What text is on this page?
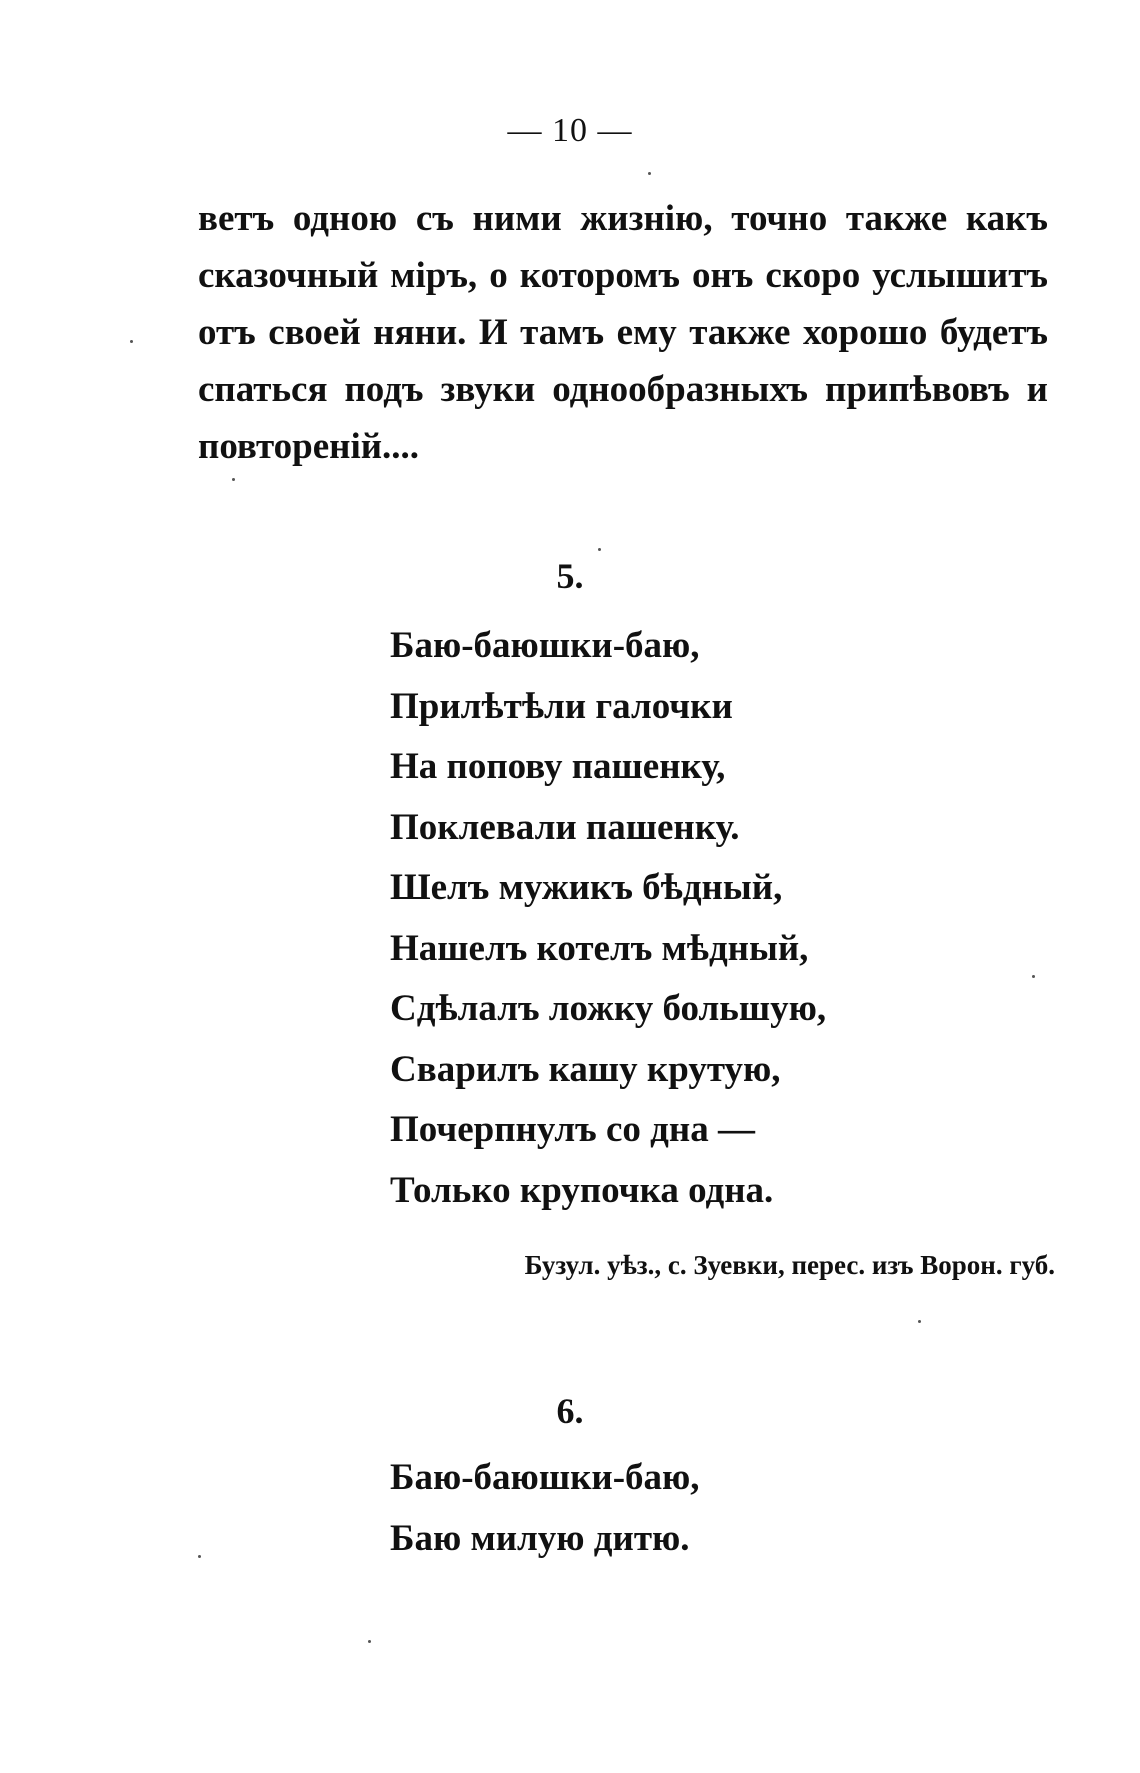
— 10 —
ветъ одною съ ними жизнію, точно также какъ
сказочный міръ, о которомъ онъ скоро услышитъ
отъ своей няни. И тамъ ему также хорошо будетъ
спаться подъ звуки однообразныхъ припѣвовъ и
повтореній....
5.
Баю-баюшки-баю,
Прилѣтѣли галочки
На попову пашенку,
Поклевали пашенку.
Шелъ мужикъ бѣдный,
Нашелъ котелъ мѣдный,
Сдѣлалъ ложку большую,
Сварилъ кашу крутую,
Почерпнулъ со дна —
Только крупочка одна.
Бузул. уѣз., с. Зуевки, перес. изъ Ворон. губ.
6.
Баю-баюшки-баю,
Баю милую дитю.
